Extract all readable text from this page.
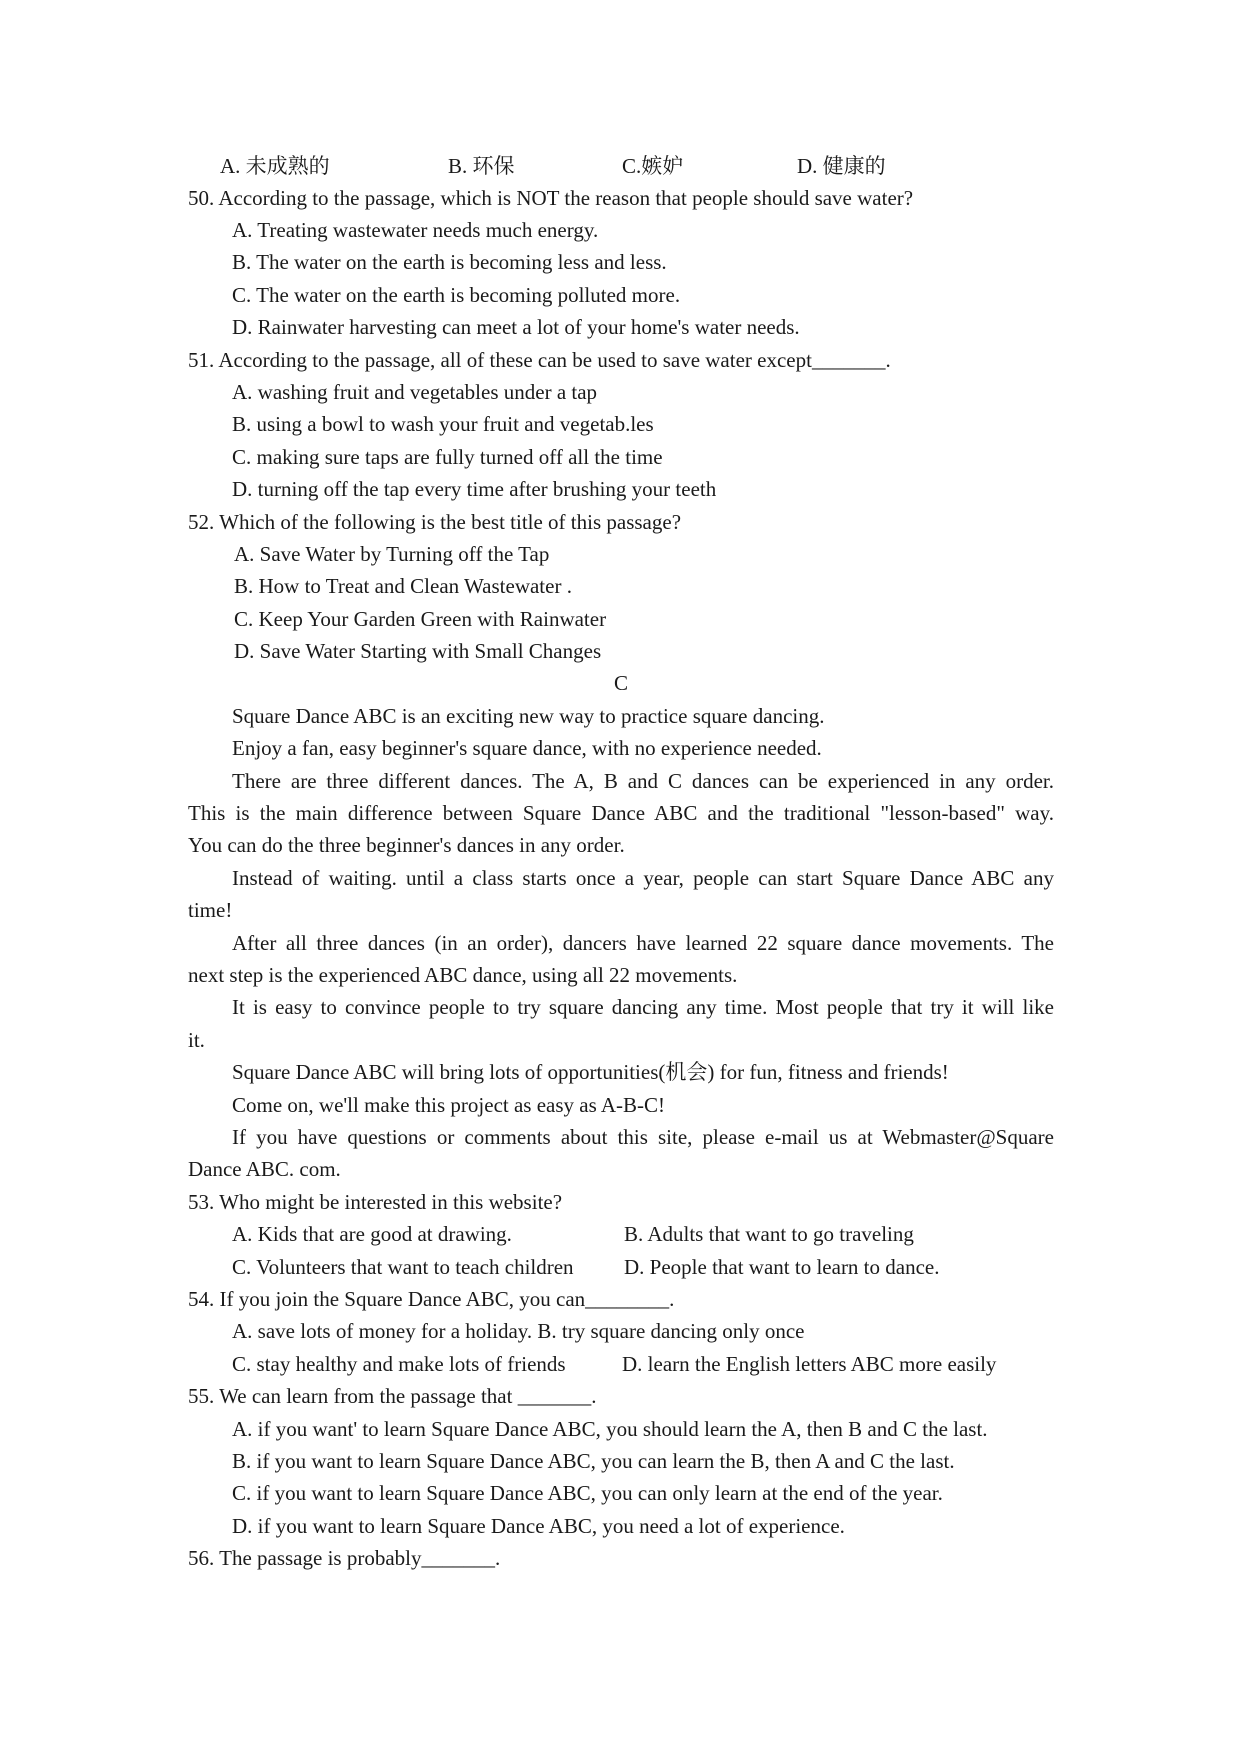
A. 未成熟的	B. 环保	C.嫉妒	D. 健康的
50. According to the passage, which is NOT the reason that people should save water?
A. Treating wastewater needs much energy.
B. The water on the earth is becoming less and less.
C. The water on the earth is becoming polluted more.
D. Rainwater harvesting can meet a lot of your home's water needs.
51. According to the passage, all of these can be used to save water except_______.
A. washing fruit and vegetables under a tap
B. using a bowl to wash your fruit and vegetab.les
C. making sure taps are fully turned off all the time
D. turning off the tap every time after brushing your teeth
52. Which of the following is the best title of this passage?
A. Save Water by Turning off the Tap
B. How to Treat and Clean Wastewater .
C. Keep Your Garden Green with Rainwater
D. Save Water Starting with Small Changes
C
Square Dance ABC is an exciting new way to practice square dancing.
Enjoy a fan, easy beginner's square dance, with no experience needed.
There are three different dances. The A, B and C dances can be experienced in any order.
This is the main difference between Square Dance ABC and the traditional "lesson-based" way.
You can do the three beginner's dances in any order.
Instead of waiting. until a class starts once a year, people can start Square Dance ABC any
time!
After all three dances (in an order), dancers have learned 22 square dance movements. The
next step is the experienced ABC dance, using all 22 movements.
It is easy to convince people to try square dancing any time. Most people that try it will like
it.
Square Dance ABC will bring lots of opportunities(机会) for fun, fitness and friends!
Come on, we'll make this project as easy as A-B-C!
If you have questions or comments about this site, please e-mail us at Webmaster@Square
Dance ABC. com.
53. Who might be interested in this website?
A. Kids that are good at drawing.	B. Adults that want to go traveling
C. Volunteers that want to teach children D. People that want to learn to dance.
54. If you join the Square Dance ABC, you can________.
A. save lots of money for a holiday. B. try square dancing only once
C. stay healthy and make lots of friends	D. learn the English letters ABC more easily
55. We can learn from the passage that _______.
A. if you want' to learn Square Dance ABC, you should learn the A, then B and C the last.
B. if you want to learn Square Dance ABC, you can learn the B, then A and C the last.
C. if you want to learn Square Dance ABC, you can only learn at the end of the year.
D. if you want to learn Square Dance ABC, you need a lot of experience.
56. The passage is probably_______.
